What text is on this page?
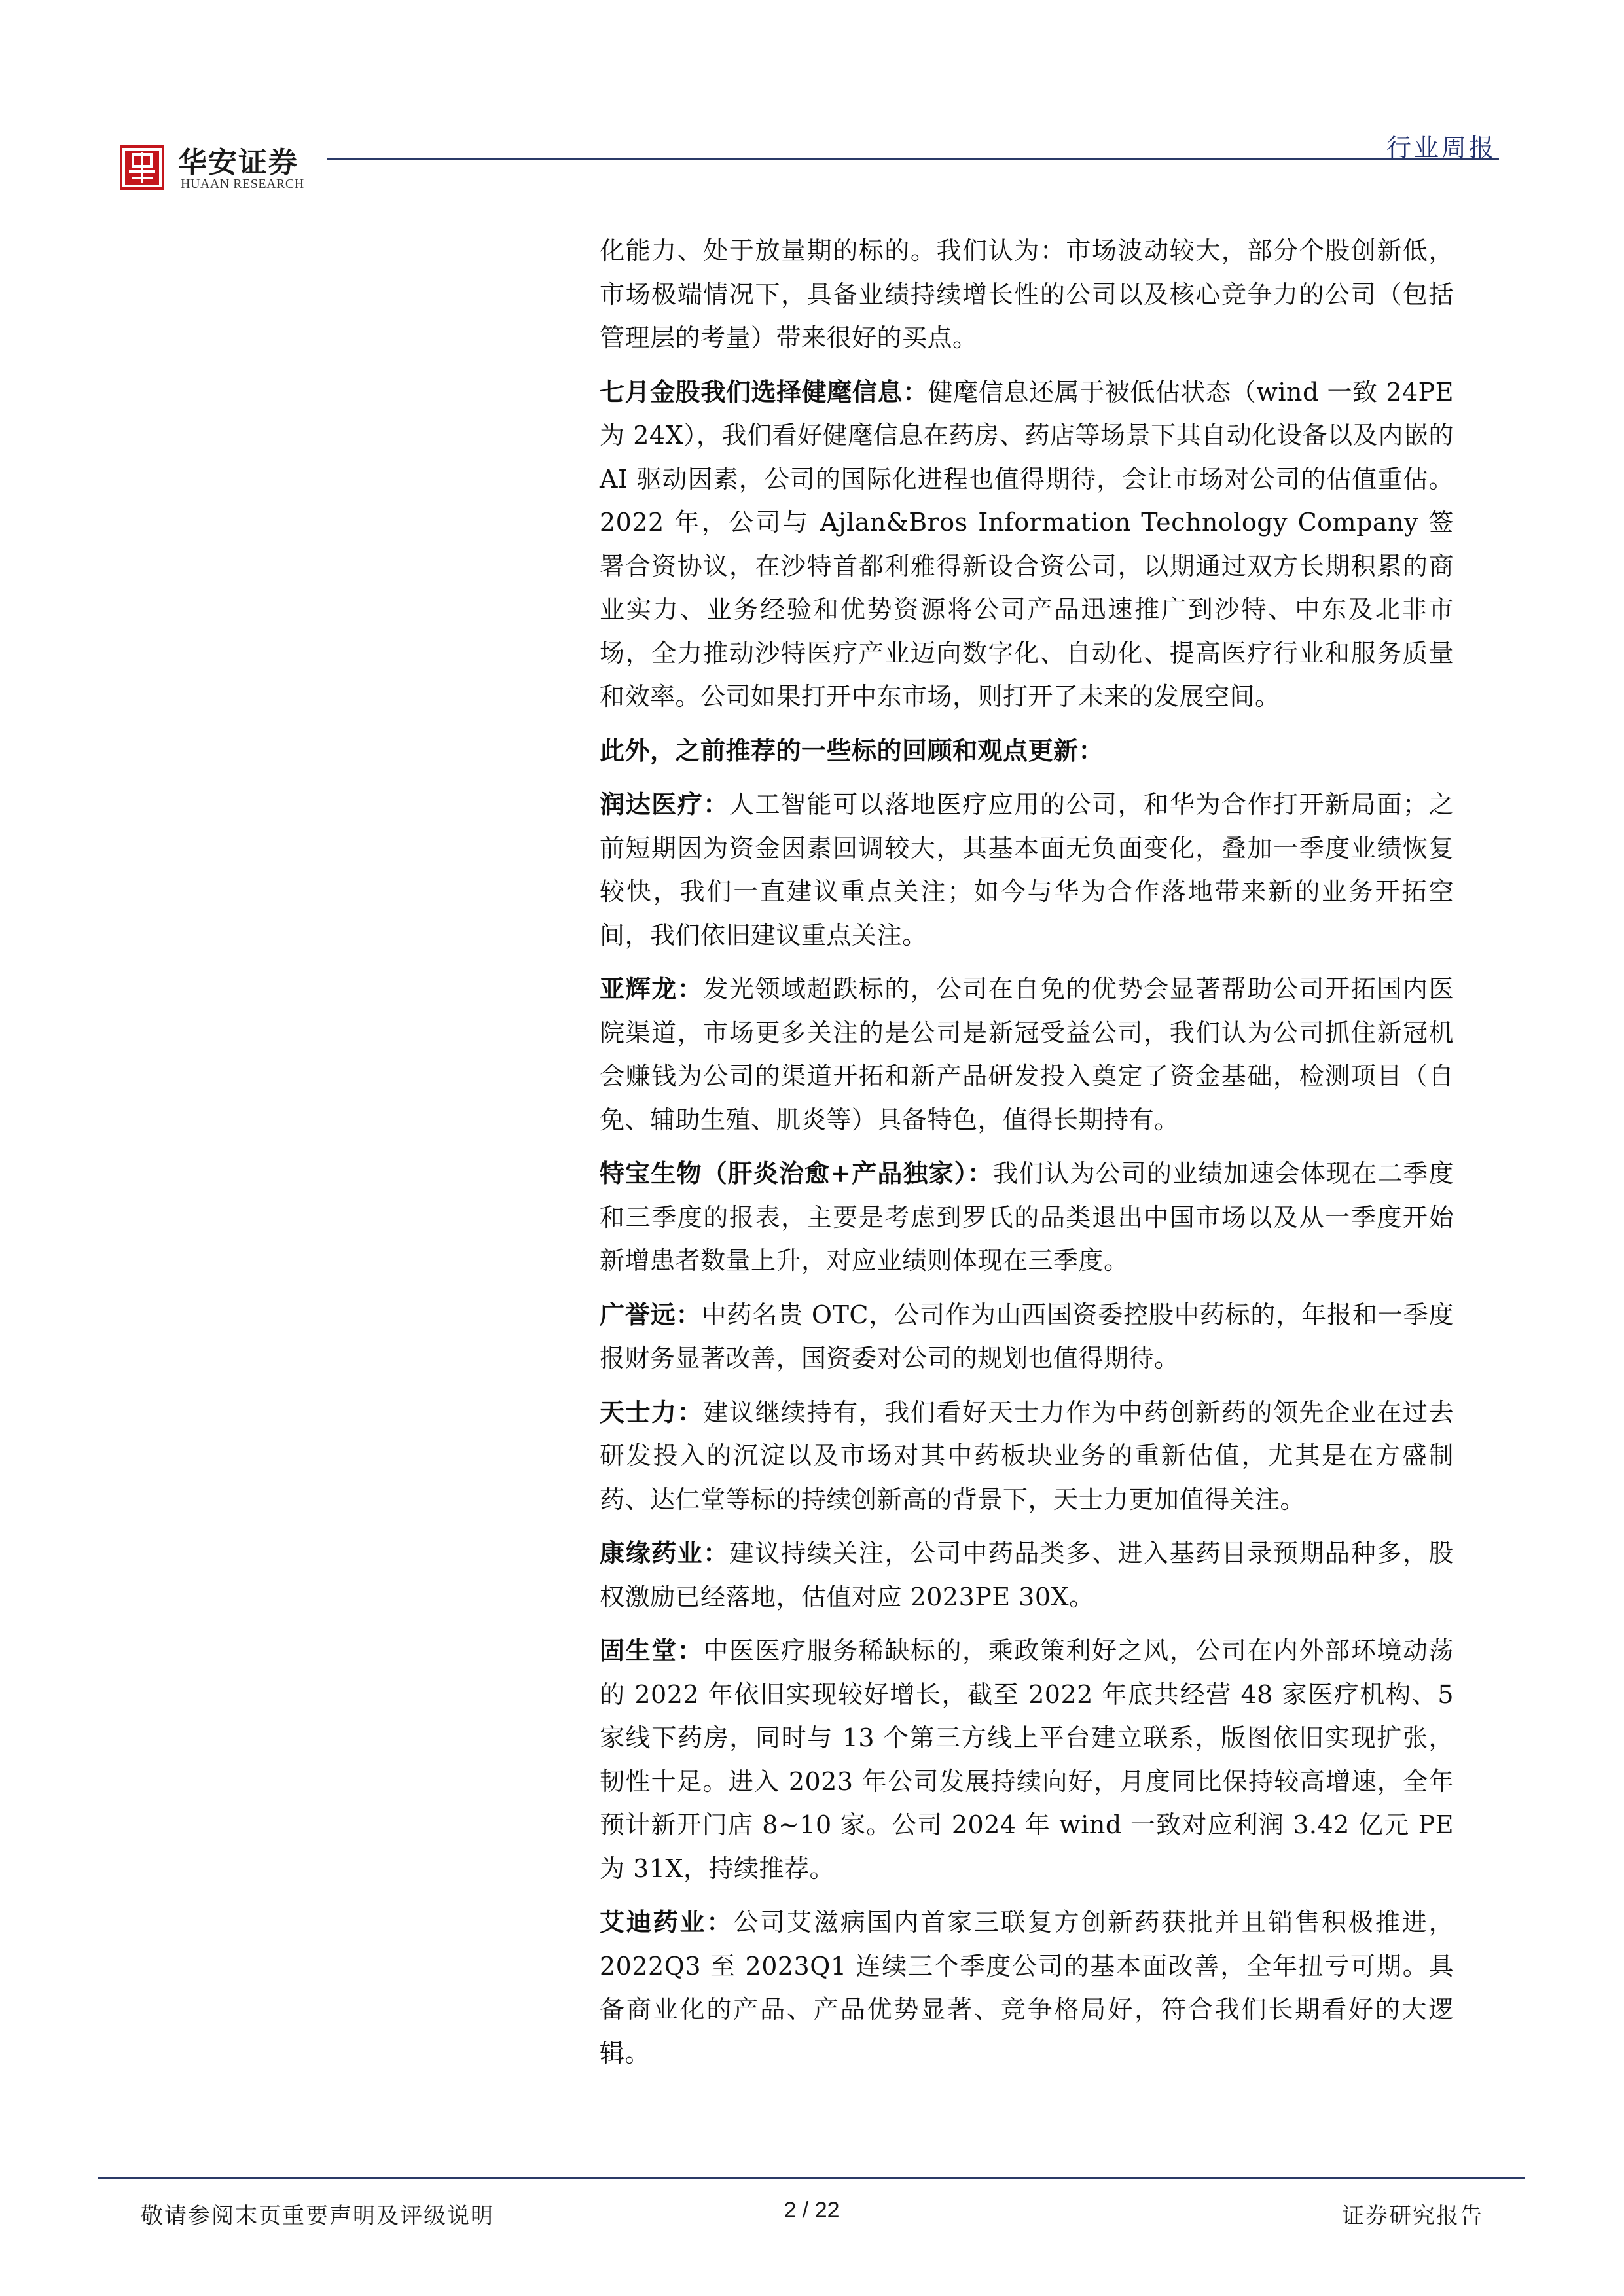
华安证券
HUAAN RESEARCH
行业周报

化能力、处于放量期的标的。我们认为：市场波动较大，部分个股创新低，市场极端情况下，具备业绩持续增长性的公司以及核心竞争力的公司（包括管理层的考量）带来很好的买点。

七月金股我们选择健麾信息：健麾信息还属于被低估状态（wind 一致 24PE 为 24X），我们看好健麾信息在药房、药店等场景下其自动化设备以及内嵌的 AI 驱动因素，公司的国际化进程也值得期待，会让市场对公司的估值重估。2022 年，公司与 Ajlan&Bros Information Technology Company 签署合资协议，在沙特首都利雅得新设合资公司，以期通过双方长期积累的商业实力、业务经验和优势资源将公司产品迅速推广到沙特、中东及北非市场，全力推动沙特医疗产业迈向数字化、自动化、提高医疗行业和服务质量和效率。公司如果打开中东市场，则打开了未来的发展空间。

此外，之前推荐的一些标的回顾和观点更新：

润达医疗：人工智能可以落地医疗应用的公司，和华为合作打开新局面；之前短期因为资金因素回调较大，其基本面无负面变化，叠加一季度业绩恢复较快，我们一直建议重点关注；如今与华为合作落地带来新的业务开拓空间，我们依旧建议重点关注。

亚辉龙：发光领域超跌标的，公司在自免的优势会显著帮助公司开拓国内医院渠道，市场更多关注的是公司是新冠受益公司，我们认为公司抓住新冠机会赚钱为公司的渠道开拓和新产品研发投入奠定了资金基础，检测项目（自免、辅助生殖、肌炎等）具备特色，值得长期持有。

特宝生物（肝炎治愈+产品独家）：我们认为公司的业绩加速会体现在二季度和三季度的报表，主要是考虑到罗氏的品类退出中国市场以及从一季度开始新增患者数量上升，对应业绩则体现在三季度。

广誉远：中药名贵 OTC，公司作为山西国资委控股中药标的，年报和一季度报财务显著改善，国资委对公司的规划也值得期待。

天士力：建议继续持有，我们看好天士力作为中药创新药的领先企业在过去研发投入的沉淀以及市场对其中药板块业务的重新估值，尤其是在方盛制药、达仁堂等标的持续创新高的背景下，天士力更加值得关注。

康缘药业：建议持续关注，公司中药品类多、进入基药目录预期品种多，股权激励已经落地，估值对应 2023PE 30X。

固生堂：中医医疗服务稀缺标的，乘政策利好之风，公司在内外部环境动荡的 2022 年依旧实现较好增长，截至 2022 年底共经营 48 家医疗机构、5 家线下药房，同时与 13 个第三方线上平台建立联系，版图依旧实现扩张，韧性十足。进入 2023 年公司发展持续向好，月度同比保持较高增速，全年预计新开门店 8~10 家。公司 2024 年 wind 一致对应利润 3.42 亿元 PE 为 31X，持续推荐。

艾迪药业：公司艾滋病国内首家三联复方创新药获批并且销售积极推进，2022Q3 至 2023Q1 连续三个季度公司的基本面改善，全年扭亏可期。具备商业化的产品、产品优势显著、竞争格局好，符合我们长期看好的大逻辑。

敬请参阅末页重要声明及评级说明	2 / 22	证券研究报告
